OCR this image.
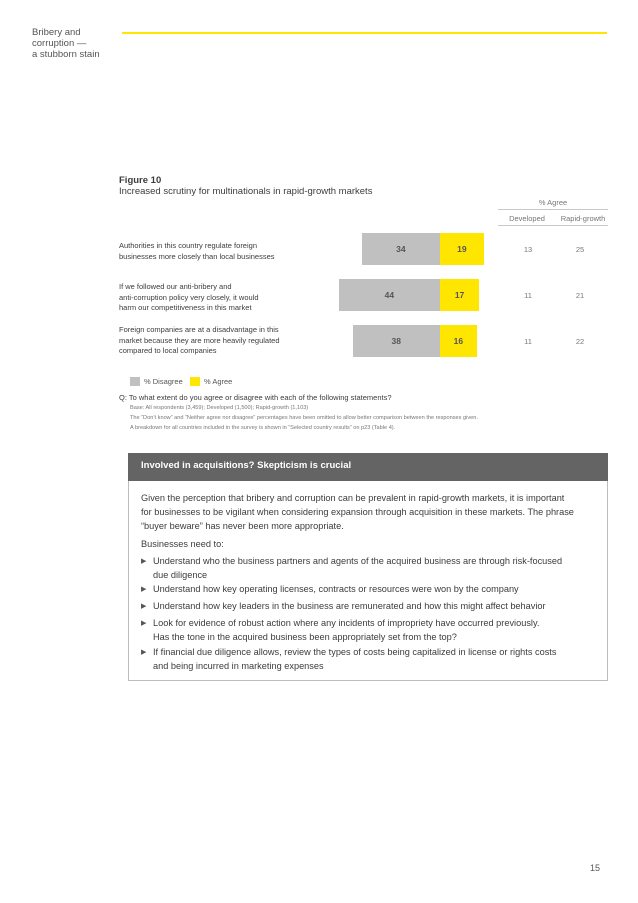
Bribery and
corruption —
a stubborn stain
Figure 10
Increased scrutiny for multinationals in rapid-growth markets
% Agree
Developed	Rapid-growth
Authorities in this country regulate foreign
businesses more closely than local businesses
34	19	13	25
If we followed our anti-bribery and
anti-corruption policy very closely, it would
harm our competitiveness in this market
44	17	11	21
Foreign companies are at a disadvantage in this
market because they are more heavily regulated
compared to local companies
38	16	11	22
% Disagree	% Agree
Q: To what extent do you agree or disagree with each of the following statements?
Base: All respondents (3,459); Developed (1,500); Rapid-growth (1,103)
The “Don’t know” and “Neither agree nor disagree” percentages have been omitted to allow better comparison between the responses given.
A breakdown for all countries included in the survey is shown in “Selected country results” on p23 (Table 4).
Involved in acquisitions? Skepticism is crucial
Given the perception that bribery and corruption can be prevalent in rapid-growth markets, it is important
for businesses to be vigilant when considering expansion through acquisition in these markets. The phrase
“buyer beware” has never been more appropriate.
Businesses need to:
▶ Understand who the business partners and agents of the acquired business are through risk-focused
due diligence
▶ Understand how key operating licenses, contracts or resources were won by the company
▶ Understand how key leaders in the business are remunerated and how this might affect behavior
▶ Look for evidence of robust action where any incidents of impropriety have occurred previously.
Has the tone in the acquired business been appropriately set from the top?
▶ If financial due diligence allows, review the types of costs being capitalized in license or rights costs
and being incurred in marketing expenses
15
